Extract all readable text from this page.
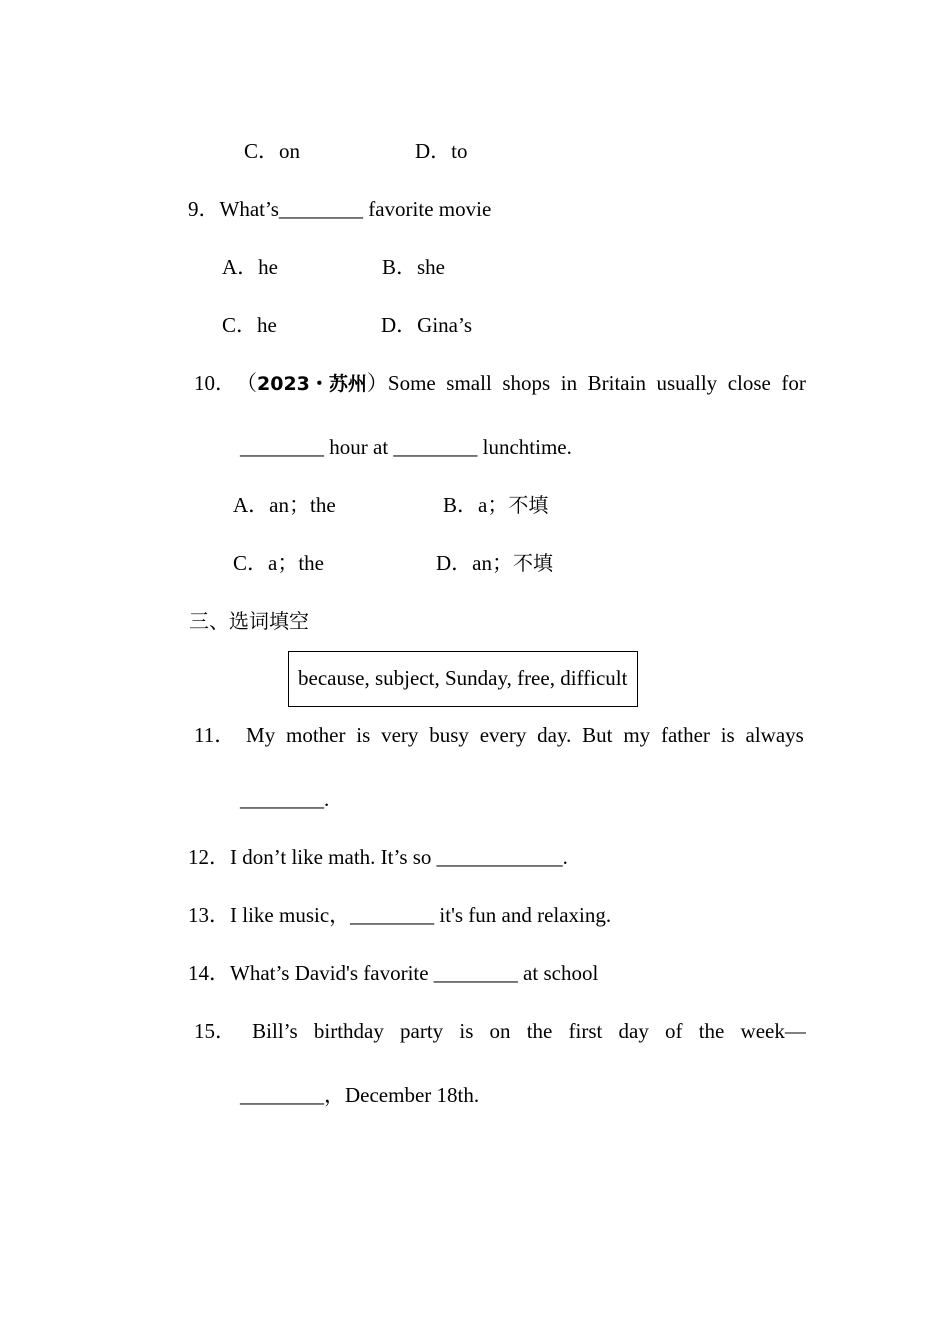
C．on	D．to
9．What’s________ favorite movie
A．he	B．she
C．he	D．Gina’s
10． （ 2023・苏州 ） Some small shops in Britain usually close for
________ hour at ________ lunchtime.
A．an；the	B．a；不填
C．a；the	D．an；不填
三、选词填空
because, subject, Sunday, free, difficult
11． My mother is very busy every day. But my father is always
________.
12．I don’t like math. It’s so ____________.
13．I like music，________ it's fun and relaxing.
14．What’s David's favorite ________ at school
15． Bill’s birthday party is on the first day of the week—
________，December 18th.
